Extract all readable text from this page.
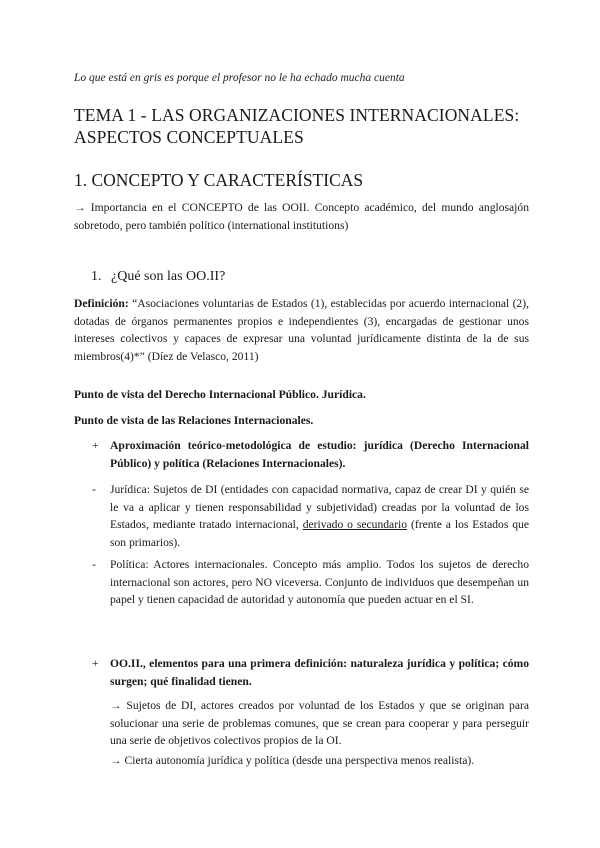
Lo que está en gris es porque el profesor no le ha echado mucha cuenta
TEMA 1 - LAS ORGANIZACIONES INTERNACIONALES: ASPECTOS CONCEPTUALES
1. CONCEPTO Y CARACTERÍSTICAS
→ Importancia en el CONCEPTO de las OOII. Concepto académico, del mundo anglosajón sobretodo, pero también político (international institutions)
1. ¿Qué son las OO.II?
Definición: “Asociaciones voluntarias de Estados (1), establecidas por acuerdo internacional (2), dotadas de órganos permanentes propios e independientes (3), encargadas de gestionar unos intereses colectivos y capaces de expresar una voluntad jurídicamente distinta de la de sus miembros(4)*” (Díez de Velasco, 2011)
Punto de vista del Derecho Internacional Público. Jurídica.
Punto de vista de las Relaciones Internacionales.
+ Aproximación teórico-metodológica de estudio: jurídica (Derecho Internacional Público) y política (Relaciones Internacionales).
- Jurídica: Sujetos de DI (entidades con capacidad normativa, capaz de crear DI y quién se le va a aplicar y tienen responsabilidad y subjetividad) creadas por la voluntad de los Estados, mediante tratado internacional, derivado o secundario (frente a los Estados que son primarios).
- Política: Actores internacionales. Concepto más amplio. Todos los sujetos de derecho internacional son actores, pero NO viceversa. Conjunto de individuos que desempeñan un papel y tienen capacidad de autoridad y autonomía que pueden actuar en el SI.
+ OO.II., elementos para una primera definición: naturaleza jurídica y política; cómo surgen; qué finalidad tienen.
→ Sujetos de DI, actores creados por voluntad de los Estados y que se originan para solucionar una serie de problemas comunes, que se crean para cooperar y para perseguir una serie de objetivos colectivos propios de la OI.
→ Cierta autonomía jurídica y política (desde una perspectiva menos realista).
